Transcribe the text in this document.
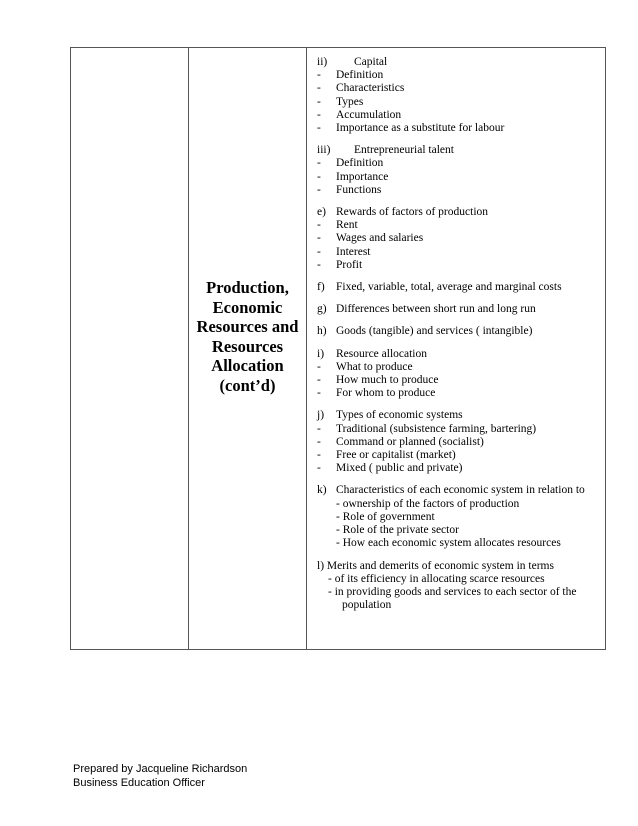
Production,
Economic
Resources and
Resources
Allocation
(cont’d)

ii)	Capital
-	Definition
-	Characteristics
-	Types
-	Accumulation
-	Importance as a substitute for labour
iii)	Entrepreneurial talent
-	Definition
-	Importance
-	Functions
e) Rewards of factors of production
-	Rent
-	Wages and salaries
-	Interest
-	Profit
f) Fixed, variable, total, average and marginal costs
g) Differences between short run and long run
h) Goods (tangible) and services ( intangible)
i)	Resource allocation
-	What to produce
-	How much to produce
-	For whom to produce
j)	Types of economic systems
-	Traditional (subsistence farming, bartering)
-	Command or planned (socialist)
-	Free or capitalist (market)
-	Mixed ( public and private)
k) Characteristics of each economic system in relation to
- ownership of the factors of production
- Role of government
- Role of the private sector
- How each economic system allocates resources
l) Merits and demerits of economic system in terms
- of its efficiency in allocating scarce resources
- in providing goods and services to each sector of the
population
Prepared by Jacqueline Richardson
Business Education Officer
